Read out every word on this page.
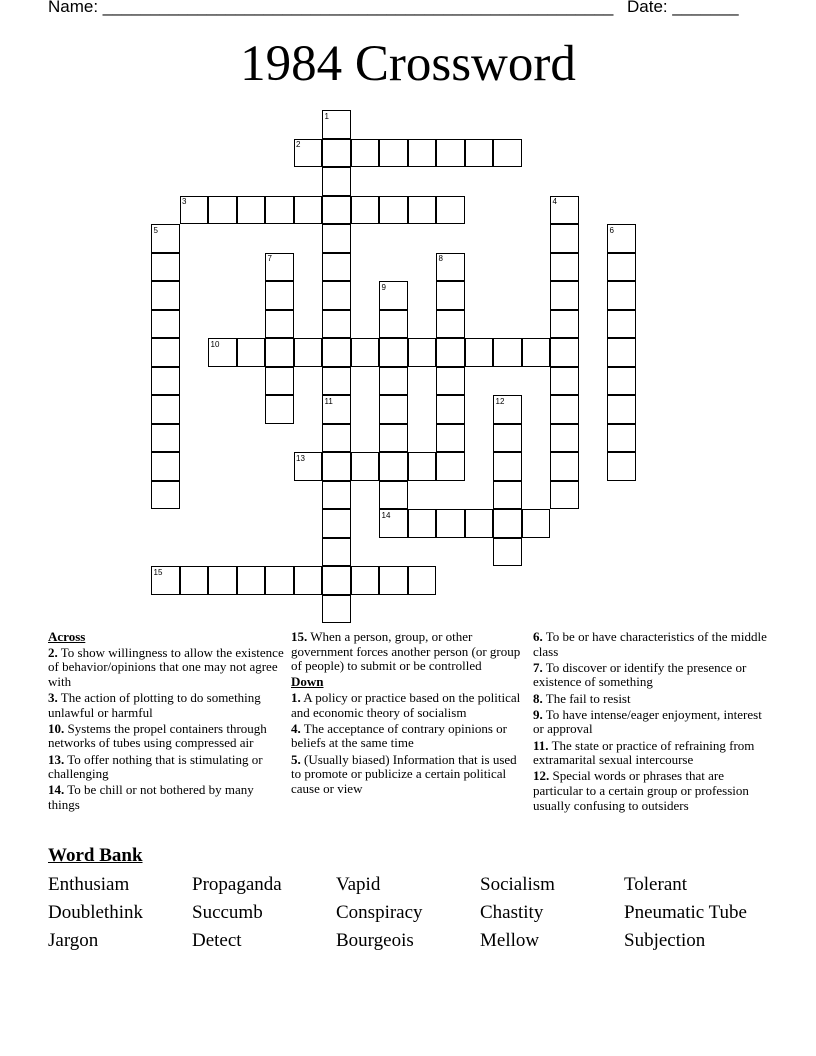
Name: ______________________________________________________ Date: _______
1984 Crossword
2
3
10
13
14
15
1
4
5	6
7	8
9
11	12
Across
2. To show willingness to allow the existence of behavior/opinions that one may not agree with
3. The action of plotting to do something unlawful or harmful
10. Systems the propel containers through networks of tubes using compressed air
13. To offer nothing that is stimulating or challenging
14. To be chill or not bothered by many things
15. When a person, group, or other government forces another person (or group of people) to submit or be controlled
Down
1. A policy or practice based on the political and economic theory of socialism
4. The acceptance of contrary opinions or beliefs at the same time
5. (Usually biased) Information that is used to promote or publicize a certain political cause or view
6. To be or have characteristics of the middle class
7. To discover or identify the presence or existence of something
8. The fail to resist
9. To have intense/eager enjoyment, interest or approval
11. The state or practice of refraining from extramarital sexual intercourse
12. Special words or phrases that are particular to a certain group or profession usually confusing to outsiders
Word Bank
Enthusiam	Propaganda	Vapid	Socialism	Tolerant
Doublethink	Succumb	Conspiracy	Chastity	Pneumatic Tube
Jargon	Detect	Bourgeois	Mellow	Subjection
